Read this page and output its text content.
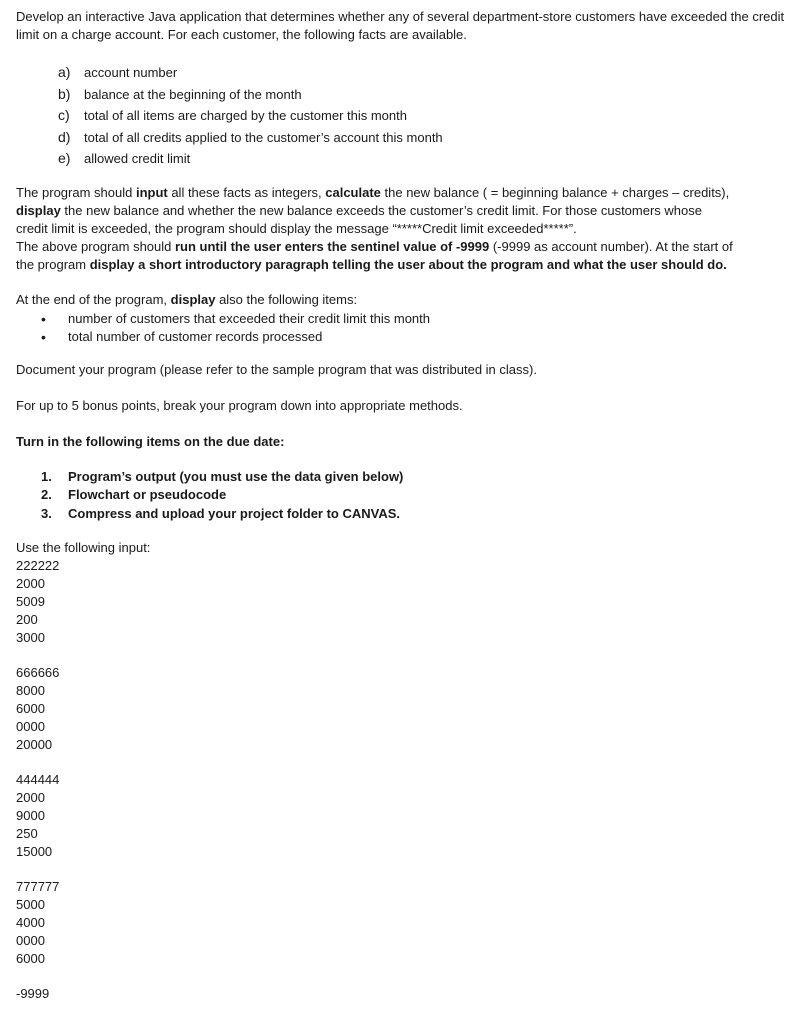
Develop an interactive Java application that determines whether any of several department-store customers have exceeded the credit limit on a charge account. For each customer, the following facts are available.

a)	account number
b)	balance at the beginning of the month
c)	total of all items are charged by the customer this month
d)	total of all credits applied to the customer’s account this month
e)	allowed credit limit
The program should input all these facts as integers, calculate the new balance ( = beginning balance + charges – credits),
display the new balance and whether the new balance exceeds the customer’s credit limit. For those customers whose
credit limit is exceeded, the program should display the message “*****Credit limit exceeded*****”.
The above program should run until the user enters the sentinel value of -9999 (-9999 as account number). At the start of
the program display a short introductory paragraph telling the user about the program and what the user should do.

At the end of the program, display also the following items:

•	number of customers that exceeded their credit limit this month
•	total number of customer records processed

Document your program (please refer to the sample program that was distributed in class).

For up to 5 bonus points, break your program down into appropriate methods.

Turn in the following items on the due date:

1.	Program’s output (you must use the data given below)
2.	Flowchart or pseudocode
3.	Compress and upload your project folder to CANVAS.

Use the following input:

222222
2000
5009
200
3000
666666
8000
6000
0000
20000
444444
2000
9000
250
15000
777777
5000
4000
0000
6000

-9999
